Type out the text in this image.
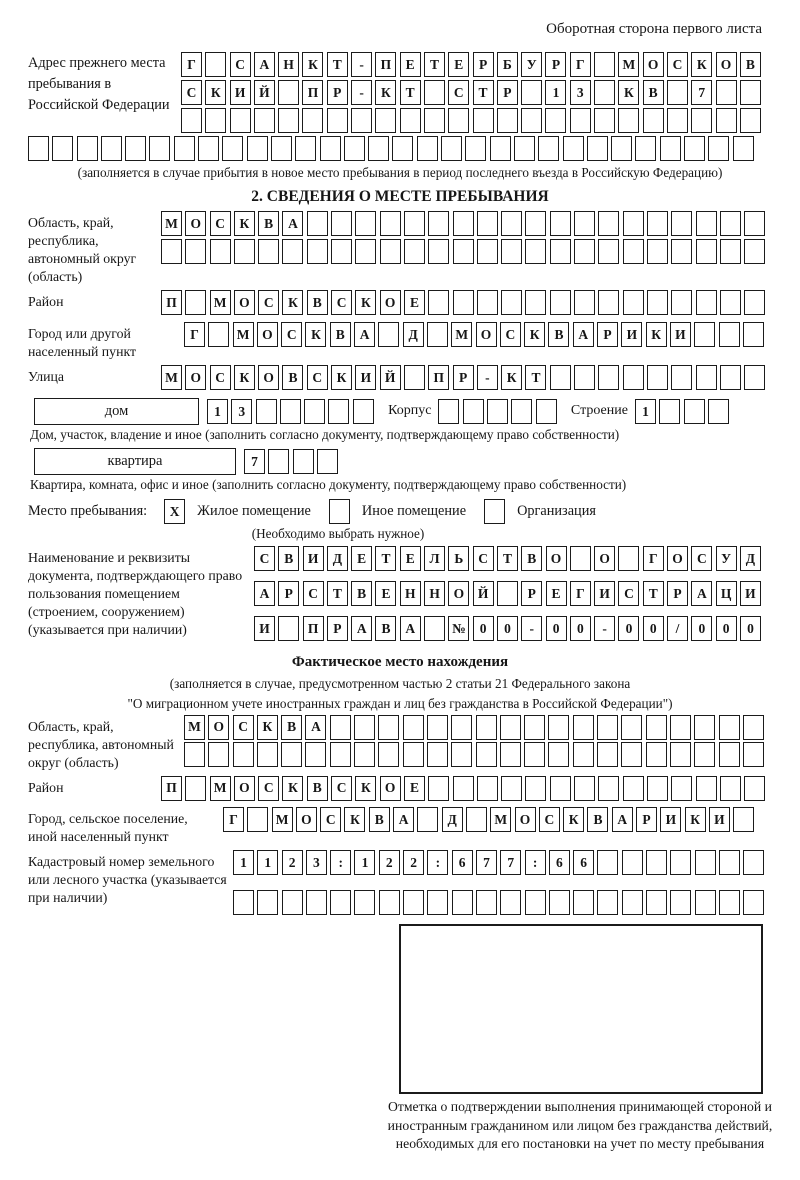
Оборотная сторона первого листа
Адрес прежнего места пребывания в Российской Федерации
Г	С	А	Н	К	Т	-	П	Е	Т	Е	Р	Б	У	Р	Г	М О	С	К	О	В
С	К	И	Й	П	Р	-	К	Т	С	Т	Р	1	3	К	В	7
(заполняется в случае прибытия в новое место пребывания в период последнего въезда в Российскую Федерацию)
2. СВЕДЕНИЯ О МЕСТЕ ПРЕБЫВАНИЯ
Область, край, республика, автономный округ (область)
М О	С	К	В	А
Район	П	М О	С	К	В	С	К	О	Е
Город или другой населенный пункт
Г	М О	С	К	В	А	Д	М О	С	К	В	А	Р	И	К	И
Улица	М О	С	К	О	В	С	К	И	Й	П	Р	-	К	Т
дом	1	3	Корпус	Строение	1
Дом, участок, владение и иное (заполнить согласно документу, подтверждающему право собственности)
квартира	7
Квартира, комната, офис и иное (заполнить согласно документу, подтверждающему право собственности)
Место пребывания:	X	Жилое помещение	Иное помещение	Организация
(Необходимо выбрать нужное)
Наименование и реквизиты документа, подтверждающего право пользования помещением (строением, сооружением) (указывается при наличии)
С	В	И	Д	Е	Т	Е	Л	Ь	С	Т	В	О	О	Г	О	С	У	Д
А	Р	С	Т	В	Е	Н	Н	О	Й	Р	Е	Г	И	С	Т	Р	А	Ц	И
И	П	Р	А	В	А	№	0	0	-	0	0	-	0	0	/	0	0	0
Фактическое место нахождения
(заполняется в случае, предусмотренном частью 2 статьи 21 Федерального закона
"О миграционном учете иностранных граждан и лиц без гражданства в Российской Федерации")
Область, край, республика, автономный округ (область)
М О	С	К	В	А
Район	П	М О	С	К	В	С	К	О	Е
Город, сельское поселение, иной населенный пункт
Г	М О	С	К	В	А	Д	М О	С	К	В	А	Р	И	К	И
Кадастровый номер земельного или лесного участка (указывается при наличии)
1	1	2	3	:	1	2	2	:	6	7	7	:	6	6
Отметка о подтверждении выполнения принимающей стороной и иностранным гражданином или лицом без гражданства действий, необходимых для его постановки на учет по месту пребывания
